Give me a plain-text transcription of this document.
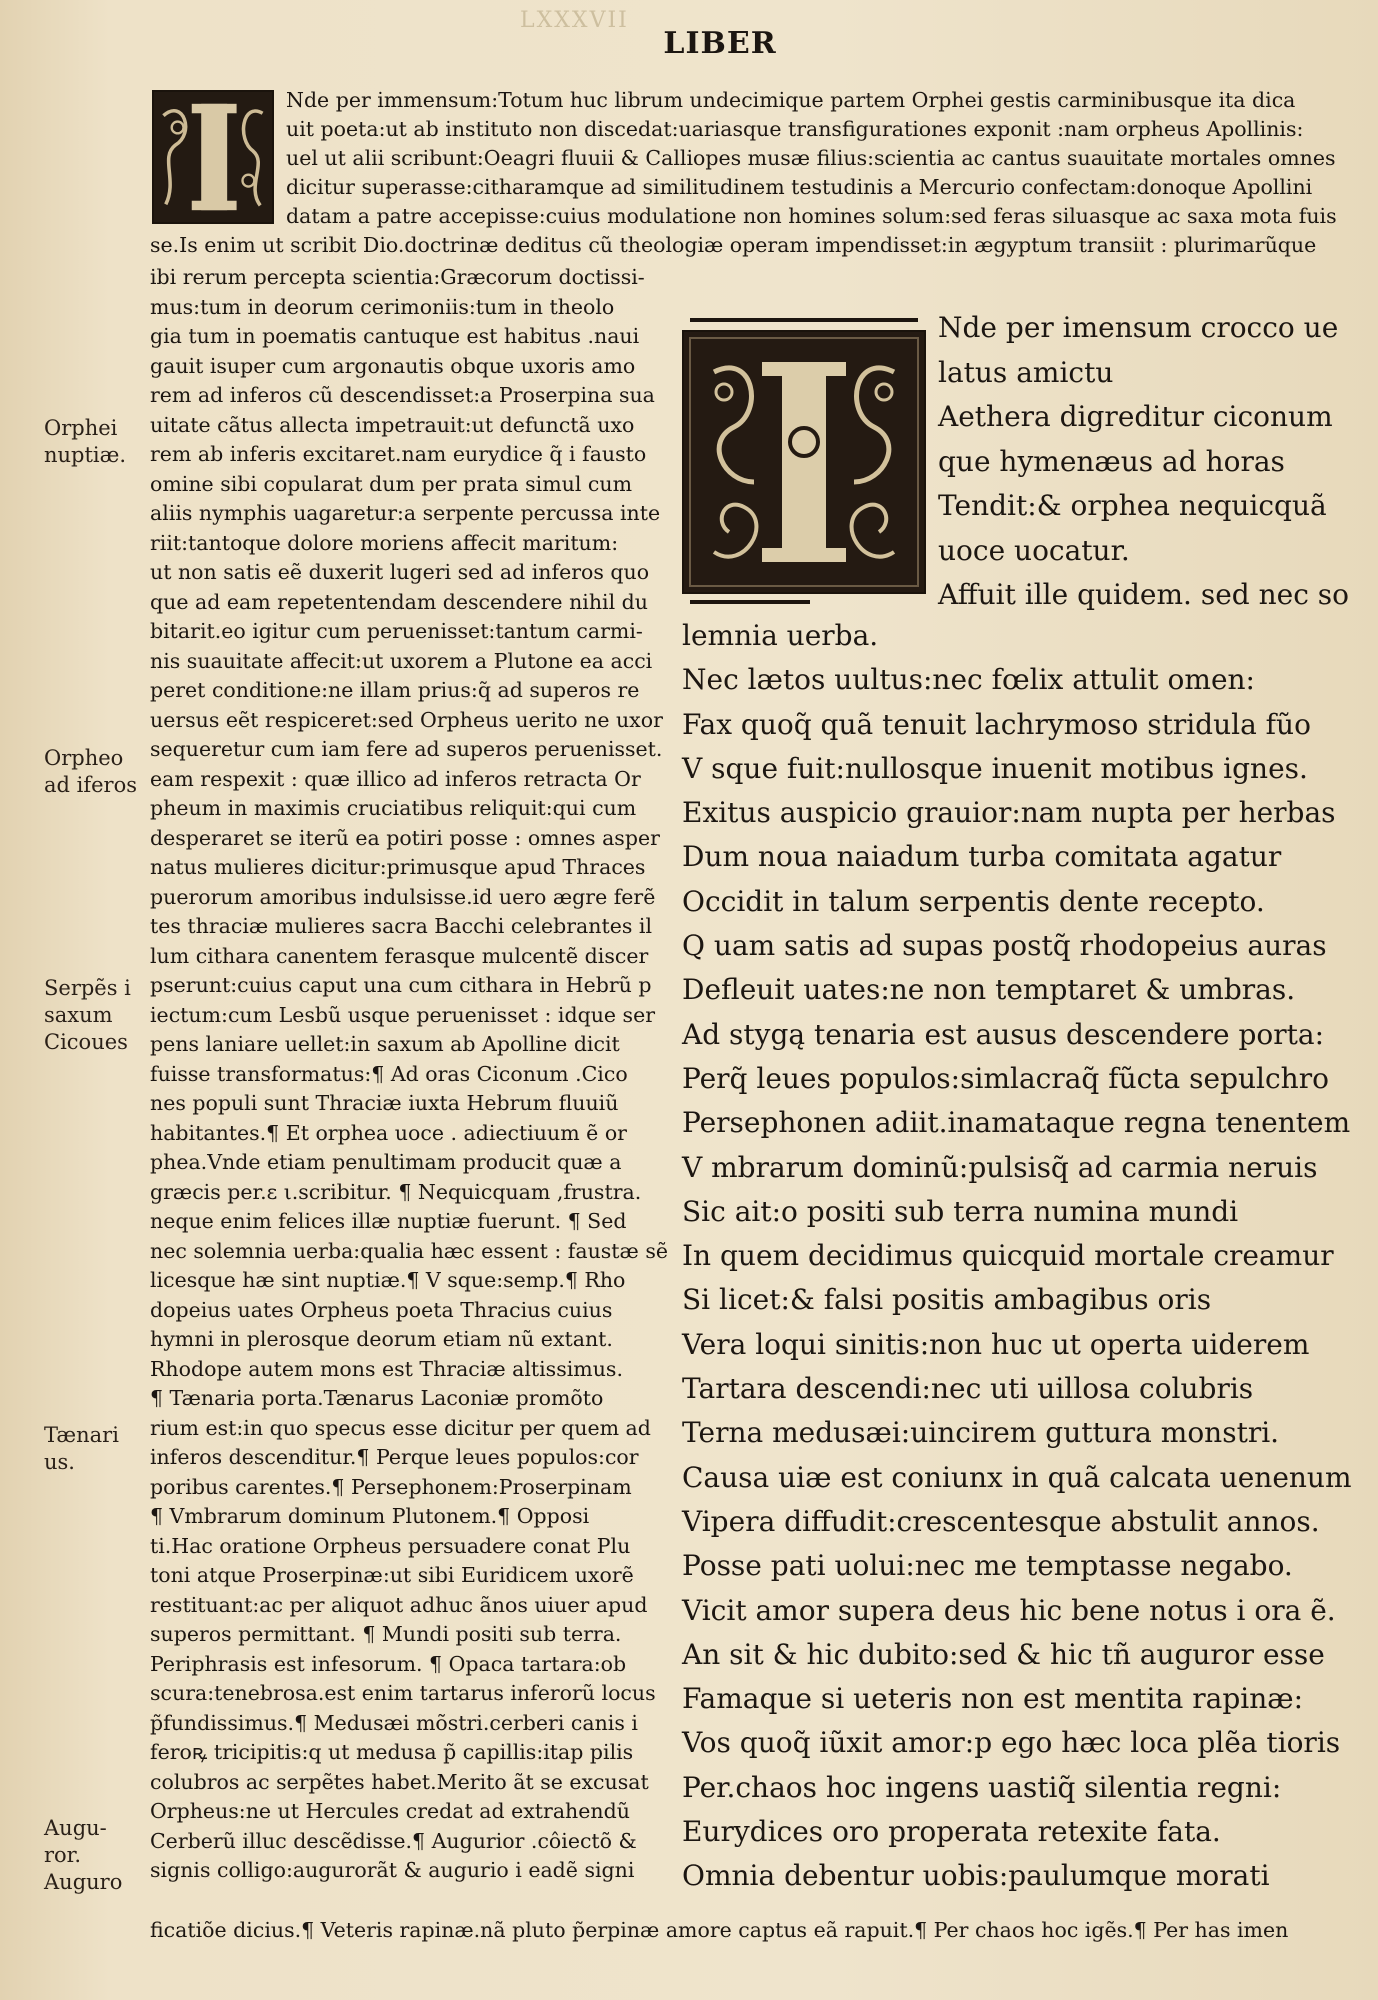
LXXXVII
LIBER
Nde per immensum:Totum huc librum undecimique partem Orphei gestis carminibusque ita dica
uit poeta:ut ab instituto non discedat:uariasque transfigurationes exponit :nam orpheus Apollinis:
uel ut alii scribunt:Oeagri fluuii & Calliopes musæ filius:scientia ac cantus suauitate mortales omnes
dicitur superasse:citharamque ad similitudinem testudinis a Mercurio confectam:donoque Apollini
datam a patre accepisse:cuius modulatione non homines solum:sed feras siluasque ac saxa mota fuis
se.Is enim ut scribit Dio.doctrinæ deditus cũ theologiæ operam impendisset:in ægyptum transiit : plurimarũque
ibi rerum percepta scientia:Græcorum doctissi-
mus:tum in deorum cerimoniis:tum in theolo
gia tum in poematis cantuque est habitus .naui
gauit isuper cum argonautis obque uxoris amo
rem ad inferos cũ descendisset:a Proserpina sua
uitate cãtus allecta impetrauit:ut defunctã uxo
rem ab inferis excitaret.nam eurydice q̃ i fausto
omine sibi copularat dum per prata simul cum
aliis nymphis uagaretur:a serpente percussa inte
riit:tantoque dolore moriens affecit maritum:
ut non satis eẽ duxerit lugeri sed ad inferos quo
que ad eam repetentendam descendere nihil du
bitarit.eo igitur cum peruenisset:tantum carmi-
nis suauitate affecit:ut uxorem a Plutone ea acci
peret conditione:ne illam prius:q̃ ad superos re
uersus eẽt respiceret:sed Orpheus uerito ne uxor
sequeretur cum iam fere ad superos peruenisset.
eam respexit : quæ illico ad inferos retracta Or
pheum in maximis cruciatibus reliquit:qui cum
desperaret se iterũ ea potiri posse : omnes asper
natus mulieres dicitur:primusque apud Thraces
puerorum amoribus indulsisse.id uero ægre ferẽ
tes thraciæ mulieres sacra Bacchi celebrantes il
lum cithara canentem ferasque mulcentẽ discer
pserunt:cuius caput una cum cithara in Hebrũ p
iectum:cum Lesbũ usque peruenisset : idque ser
pens laniare uellet:in saxum ab Apolline dicit
fuisse transformatus:¶ Ad oras Ciconum .Cico
nes populi sunt Thraciæ iuxta Hebrum fluuiũ
habitantes.¶ Et orphea uoce . adiectiuum ẽ or
phea.Vnde etiam penultimam producit quæ a
græcis per.ε ι.scribitur. ¶ Nequicquam ,frustra.
neque enim felices illæ nuptiæ fuerunt. ¶ Sed
nec solemnia uerba:qualia hæc essent : faustæ sẽ
licesque hæ sint nuptiæ.¶ V sque:semp.¶ Rho
dopeius uates Orpheus poeta Thracius cuius
hymni in plerosque deorum etiam nũ extant.
Rhodope autem mons est Thraciæ altissimus.
¶ Tænaria porta.Tænarus Laconiæ promõto
rium est:in quo specus esse dicitur per quem ad
inferos descenditur.¶ Perque leues populos:cor
poribus carentes.¶ Persephonem:Proserpinam
¶ Vmbrarum dominum Plutonem.¶ Opposi
ti.Hac oratione Orpheus persuadere conat Plu
toni atque Proserpinæ:ut sibi Euridicem uxorẽ
restituant:ac per aliquot adhuc ãnos uiuer apud
superos permittant. ¶ Mundi positi sub terra.
Periphrasis est infesorum. ¶ Opaca tartara:ob
scura:tenebrosa.est enim tartarus inferorũ locus
p̃fundissimus.¶ Medusæi mõstri.cerberi canis i
feroꝶ tricipitis:q ut medusa p̃ capillis:itap pilis
colubros ac serpẽtes habet.Merito ãt se excusat
Orpheus:ne ut Hercules credat ad extrahendũ
Cerberũ illuc descẽdisse.¶ Augurior .côiectõ &
signis colligo:augurorãt & augurio i eadẽ signi
Nde per imensum crocco ue
latus amictu
Aethera digreditur ciconum
que hymenæus ad horas
Tendit:& orphea nequicquã
uoce uocatur.
Affuit ille quidem. sed nec so
lemnia uerba.
Nec lætos uultus:nec fœlix attulit omen:
Fax quoq̃ quã tenuit lachrymoso stridula fũo
V sque fuit:nullosque inuenit motibus ignes.
Exitus auspicio grauior:nam nupta per herbas
Dum noua naiadum turba comitata agatur
Occidit in talum serpentis dente recepto.
Q uam satis ad supas postq̃ rhodopeius auras
Defleuit uates:ne non temptaret & umbras.
Ad stygą tenaria est ausus descendere porta:
Perq̃ leues populos:simlacraq̃ fũcta sepulchro
Persephonen adiit.inamataque regna tenentem
V mbrarum dominũ:pulsisq̃ ad carmia neruis
Sic ait:o positi sub terra numina mundi
In quem decidimus quicquid mortale creamur
Si licet:& falsi positis ambagibus oris
Vera loqui sinitis:non huc ut operta uiderem
Tartara descendi:nec uti uillosa colubris
Terna medusæi:uincirem guttura monstri.
Causa uiæ est coniunx in quã calcata uenenum
Vipera diffudit:crescentesque abstulit annos.
Posse pati uolui:nec me temptasse negabo.
Vicit amor supera deus hic bene notus i ora ẽ.
An sit & hic dubito:sed & hic tñ auguror esse
Famaque si ueteris non est mentita rapinæ:
Vos quoq̃ iũxit amor:p ego hæc loca plẽa tioris
Per.chaos hoc ingens uastiq̃ silentia regni:
Eurydices oro properata retexite fata.
Omnia debentur uobis:paulumque morati
Orphei
nuptiæ.
Orpheo
ad iferos
Serpẽs i
saxum
Cicoues
Tænari
us.
Augu-
ror.
Auguro
ficatiõe dicius.¶ Veteris rapinæ.nã pluto p̃erpinæ amore captus eã rapuit.¶ Per chaos hoc igẽs.¶ Per has imen
